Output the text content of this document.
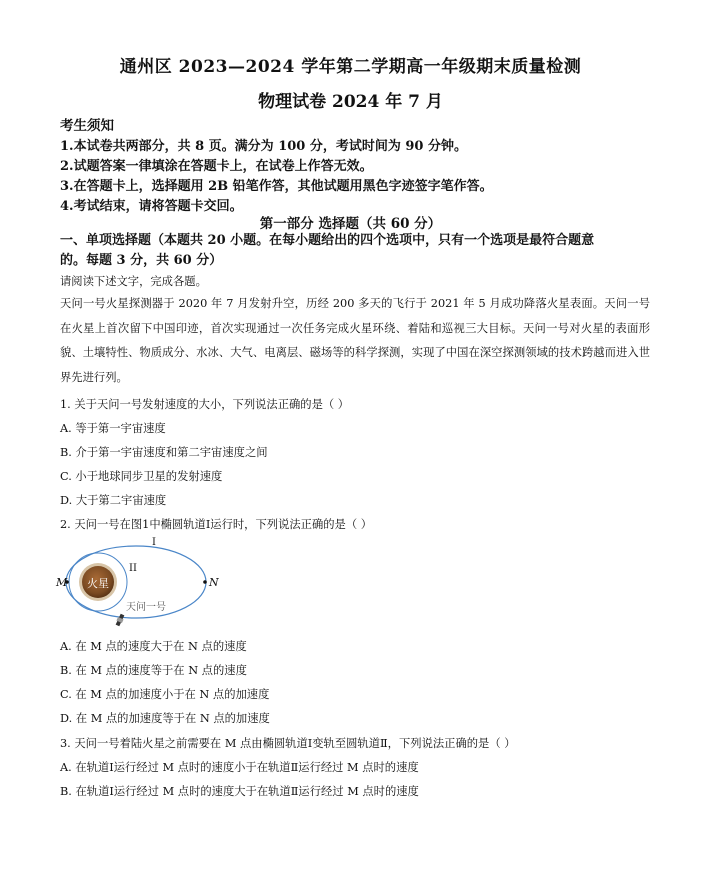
通州区 2023—2024 学年第二学期高一年级期末质量检测
物理试卷 2024 年 7 月
考生须知
1.本试卷共两部分，共 8 页。满分为 100 分，考试时间为 90 分钟。
2.试题答案一律填涂在答题卡上，在试卷上作答无效。
3.在答题卡上，选择题用 2B 铅笔作答，其他试题用黑色字迹签字笔作答。
4.考试结束，请将答题卡交回。
第一部分 选择题（共 60 分）
一、单项选择题（本题共 20 小题。在每小题给出的四个选项中，只有一个选项是最符合题意
的。每题 3 分，共 60 分）
请阅读下述文字，完成各题。
天问一号火星探测器于 2020 年 7 月发射升空，历经 200 多天的飞行于 2021 年 5 月成功降落火星表面。天问一号在火星上首次留下中国印迹，首次实现通过一次任务完成火星环绕、着陆和巡视三大目标。天问一号对火星的表面形貌、土壤特性、物质成分、水冰、大气、电离层、磁场等的科学探测，实现了中国在深空探测领域的技术跨越而进入世界先进行列。
1. 关于天问一号发射速度的大小，下列说法正确的是（ ）
A. 等于第一宇宙速度
B. 介于第一宇宙速度和第二宇宙速度之间
C. 小于地球同步卫星的发射速度
D. 大于第二宇宙速度
2. 天问一号在图1中椭圆轨道Ⅰ运行时，下列说法正确的是（ ）
火星
M	N
I
II
天问一号
A. 在 M 点的速度大于在 N 点的速度
B. 在 M 点的速度等于在 N 点的速度
C. 在 M 点的加速度小于在 N 点的加速度
D. 在 M 点的加速度等于在 N 点的加速度
3. 天问一号着陆火星之前需要在 M 点由椭圆轨道Ⅰ变轨至圆轨道Ⅱ，下列说法正确的是（ ）
A. 在轨道Ⅰ运行经过 M 点时的速度小于在轨道Ⅱ运行经过 M 点时的速度
B. 在轨道Ⅰ运行经过 M 点时的速度大于在轨道Ⅱ运行经过 M 点时的速度
